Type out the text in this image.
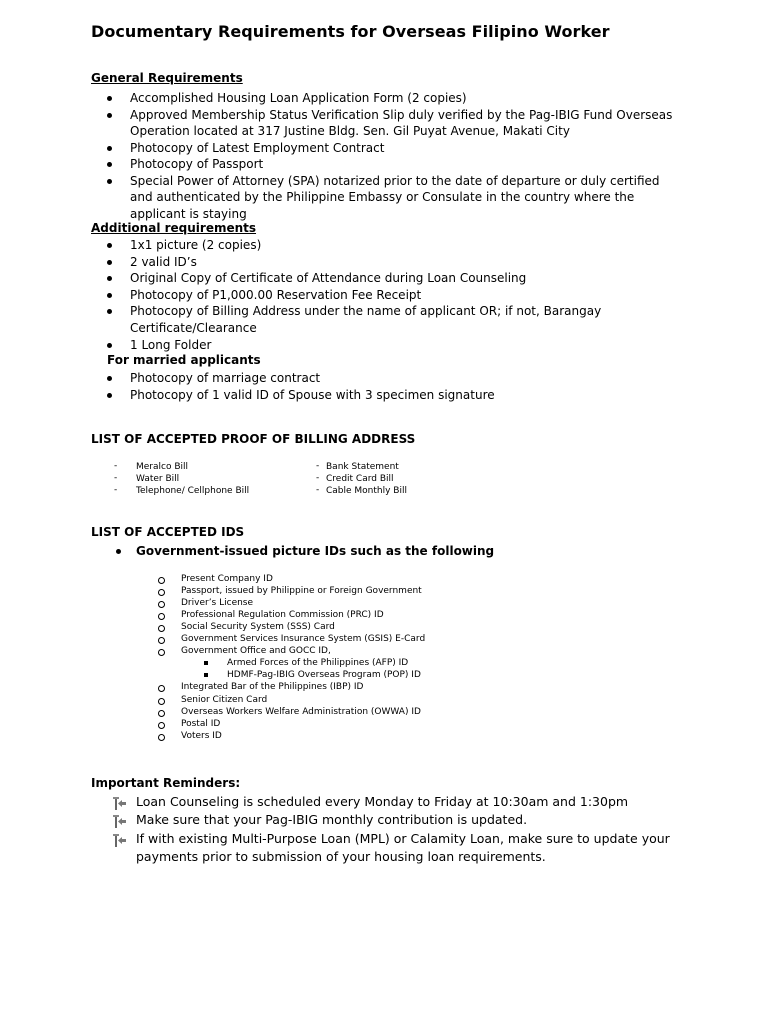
Documentary Requirements for Overseas Filipino Worker
General Requirements
Accomplished Housing Loan Application Form (2 copies)
Approved Membership Status Verification Slip duly verified by the Pag-IBIG Fund Overseas
Operation located at 317 Justine Bldg. Sen. Gil Puyat Avenue, Makati City
Photocopy of Latest Employment Contract
Photocopy of Passport
Special Power of Attorney (SPA) notarized prior to the date of departure or duly certified
and authenticated by the Philippine Embassy or Consulate in the country where the
applicant is staying
Additional requirements
1x1 picture (2 copies)
2 valid ID’s
Original Copy of Certificate of Attendance during Loan Counseling
Photocopy of P1,000.00 Reservation Fee Receipt
Photocopy of Billing Address under the name of applicant OR; if not, Barangay
Certificate/Clearance
1 Long Folder
For married applicants
Photocopy of marriage contract
Photocopy of 1 valid ID of Spouse with 3 specimen signature
LIST OF ACCEPTED PROOF OF BILLING ADDRESS
- Meralco Bill
- Water Bill
- Telephone/ Cellphone Bill
- Bank Statement
- Credit Card Bill
- Cable Monthly Bill
LIST OF ACCEPTED IDS
Government-issued picture IDs such as the following
Present Company ID
Passport, issued by Philippine or Foreign Government
Driver’s License
Professional Regulation Commission (PRC) ID
Social Security System (SSS) Card
Government Services Insurance System (GSIS) E-Card
Government Office and GOCC ID,
Armed Forces of the Philippines (AFP) ID
HDMF-Pag-IBIG Overseas Program (POP) ID
Integrated Bar of the Philippines (IBP) ID
Senior Citizen Card
Overseas Workers Welfare Administration (OWWA) ID
Postal ID
Voters ID
Important Reminders:
Loan Counseling is scheduled every Monday to Friday at 10:30am and 1:30pm
Make sure that your Pag-IBIG monthly contribution is updated.
If with existing Multi-Purpose Loan (MPL) or Calamity Loan, make sure to update your
payments prior to submission of your housing loan requirements.
